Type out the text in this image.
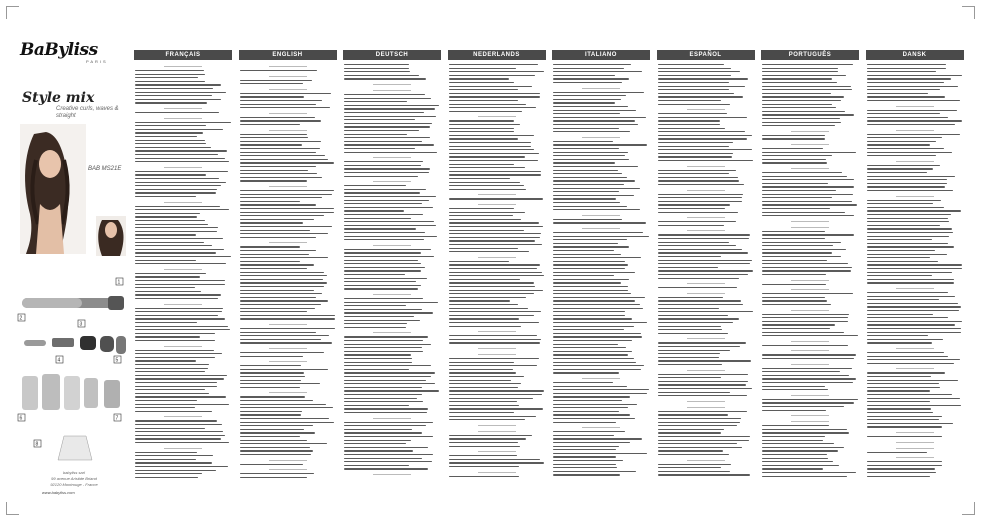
BaByliss
PARIS
Style mix
Creative curls, waves & straight
BAB MS21E
1
2
3
4	5
6	7
8
babyliss sarl
99 avenue Aristide Briand
92120 Montrouge - France
www.babyliss.com
FRANÇAIS	ENGLISH	DEUTSCH	NEDERLANDS	ITALIANO	ESPAÑOL	PORTUGUÊS	DANSK
